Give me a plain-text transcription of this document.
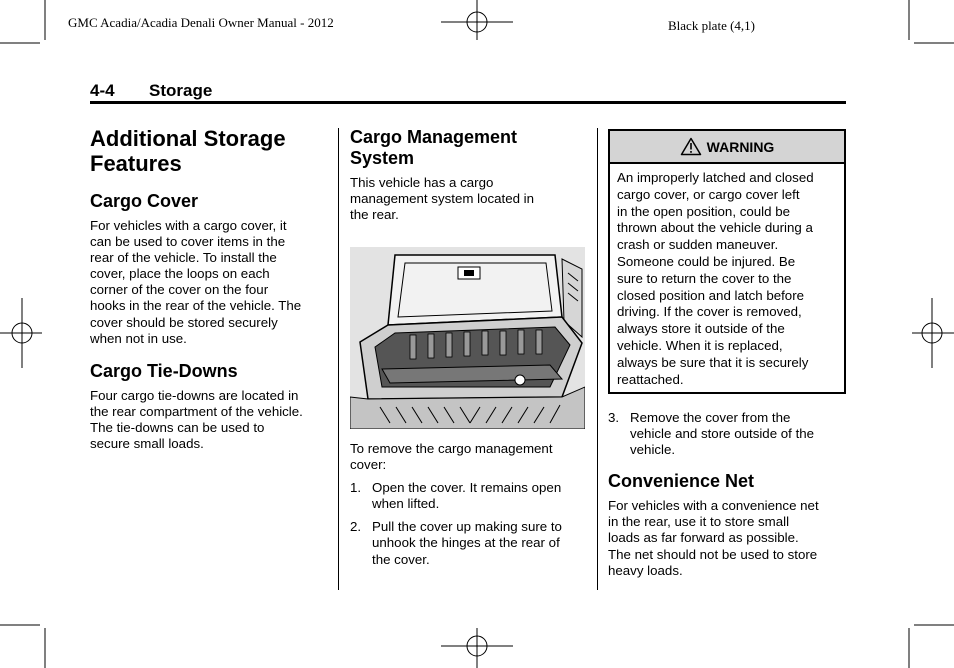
GMC Acadia/Acadia Denali Owner Manual - 2012	Black plate (4,1)
4-4 Storage
Additional Storage
Features
Cargo Cover

For vehicles with a cargo cover, it
can be used to cover items in the
rear of the vehicle. To install the
cover, place the loops on each
corner of the cover on the four
hooks in the rear of the vehicle. The
cover should be stored securely
when not in use.

Cargo Tie-Downs

Four cargo tie-downs are located in
the rear compartment of the vehicle.
The tie-downs can be used to
secure small loads.

Cargo Management
System

This vehicle has a cargo
management system located in
the rear.

To remove the cargo management
cover:

1. Open the cover. It remains open
when lifted.
2. Pull the cover up making sure to
unhook the hinges at the rear of
the cover.
WARNING
An improperly latched and closed
cargo cover, or cargo cover left
in the open position, could be
thrown about the vehicle during a
crash or sudden maneuver.
Someone could be injured. Be
sure to return the cover to the
closed position and latch before
driving. If the cover is removed,
always store it outside of the
vehicle. When it is replaced,
always be sure that it is securely
reattached.
3. Remove the cover from the
vehicle and store outside of the
vehicle.
Convenience Net

For vehicles with a convenience net
in the rear, use it to store small
loads as far forward as possible.
The net should not be used to store
heavy loads.
